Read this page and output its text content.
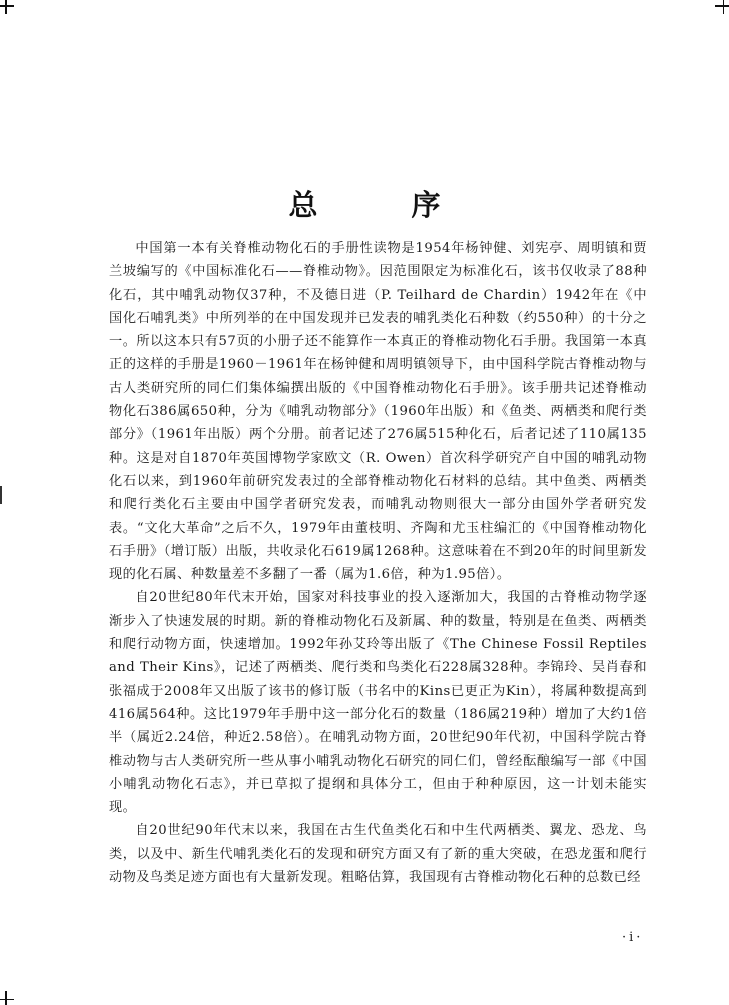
总 序

中国第一本有关脊椎动物化石的手册性读物是1954年杨钟健、刘宪亭、周明镇和贾兰坡编写的《中国标准化石——脊椎动物》。因范围限定为标准化石，该书仅收录了88种化石，其中哺乳动物仅37种，不及德日进（P. Teilhard de Chardin）1942年在《中国化石哺乳类》中所列举的在中国发现并已发表的哺乳类化石种数（约550种）的十分之一。所以这本只有57页的小册子还不能算作一本真正的脊椎动物化石手册。我国第一本真正的这样的手册是1960－1961年在杨钟健和周明镇领导下，由中国科学院古脊椎动物与古人类研究所的同仁们集体编撰出版的《中国脊椎动物化石手册》。该手册共记述脊椎动物化石386属650种，分为《哺乳动物部分》（1960年出版）和《鱼类、两栖类和爬行类部分》（1961年出版）两个分册。前者记述了276属515种化石，后者记述了110属135种。这是对自1870年英国博物学家欧文（R. Owen）首次科学研究产自中国的哺乳动物化石以来，到1960年前研究发表过的全部脊椎动物化石材料的总结。其中鱼类、两栖类和爬行类化石主要由中国学者研究发表，而哺乳动物则很大一部分由国外学者研究发表。“文化大革命”之后不久，1979年由董枝明、齐陶和尤玉柱编汇的《中国脊椎动物化石手册》（增订版）出版，共收录化石619属1268种。这意味着在不到20年的时间里新发现的化石属、种数量差不多翻了一番（属为1.6倍，种为1.95倍）。

自20世纪80年代末开始，国家对科技事业的投入逐渐加大，我国的古脊椎动物学逐渐步入了快速发展的时期。新的脊椎动物化石及新属、种的数量，特别是在鱼类、两栖类和爬行动物方面，快速增加。1992年孙艾玲等出版了《The Chinese Fossil Reptiles and Their Kins》，记述了两栖类、爬行类和鸟类化石228属328种。李锦玲、吴肖春和张福成于2008年又出版了该书的修订版（书名中的Kins已更正为Kin），将属种数提高到416属564种。这比1979年手册中这一部分化石的数量（186属219种）增加了大约1倍半（属近2.24倍，种近2.58倍）。在哺乳动物方面，20世纪90年代初，中国科学院古脊椎动物与古人类研究所一些从事小哺乳动物化石研究的同仁们，曾经酝酿编写一部《中国小哺乳动物化石志》，并已草拟了提纲和具体分工，但由于种种原因，这一计划未能实现。

自20世纪90年代末以来，我国在古生代鱼类化石和中生代两栖类、翼龙、恐龙、鸟类，以及中、新生代哺乳类化石的发现和研究方面又有了新的重大突破，在恐龙蛋和爬行动物及鸟类足迹方面也有大量新发现。粗略估算，我国现有古脊椎动物化石种的总数已经

·i·
